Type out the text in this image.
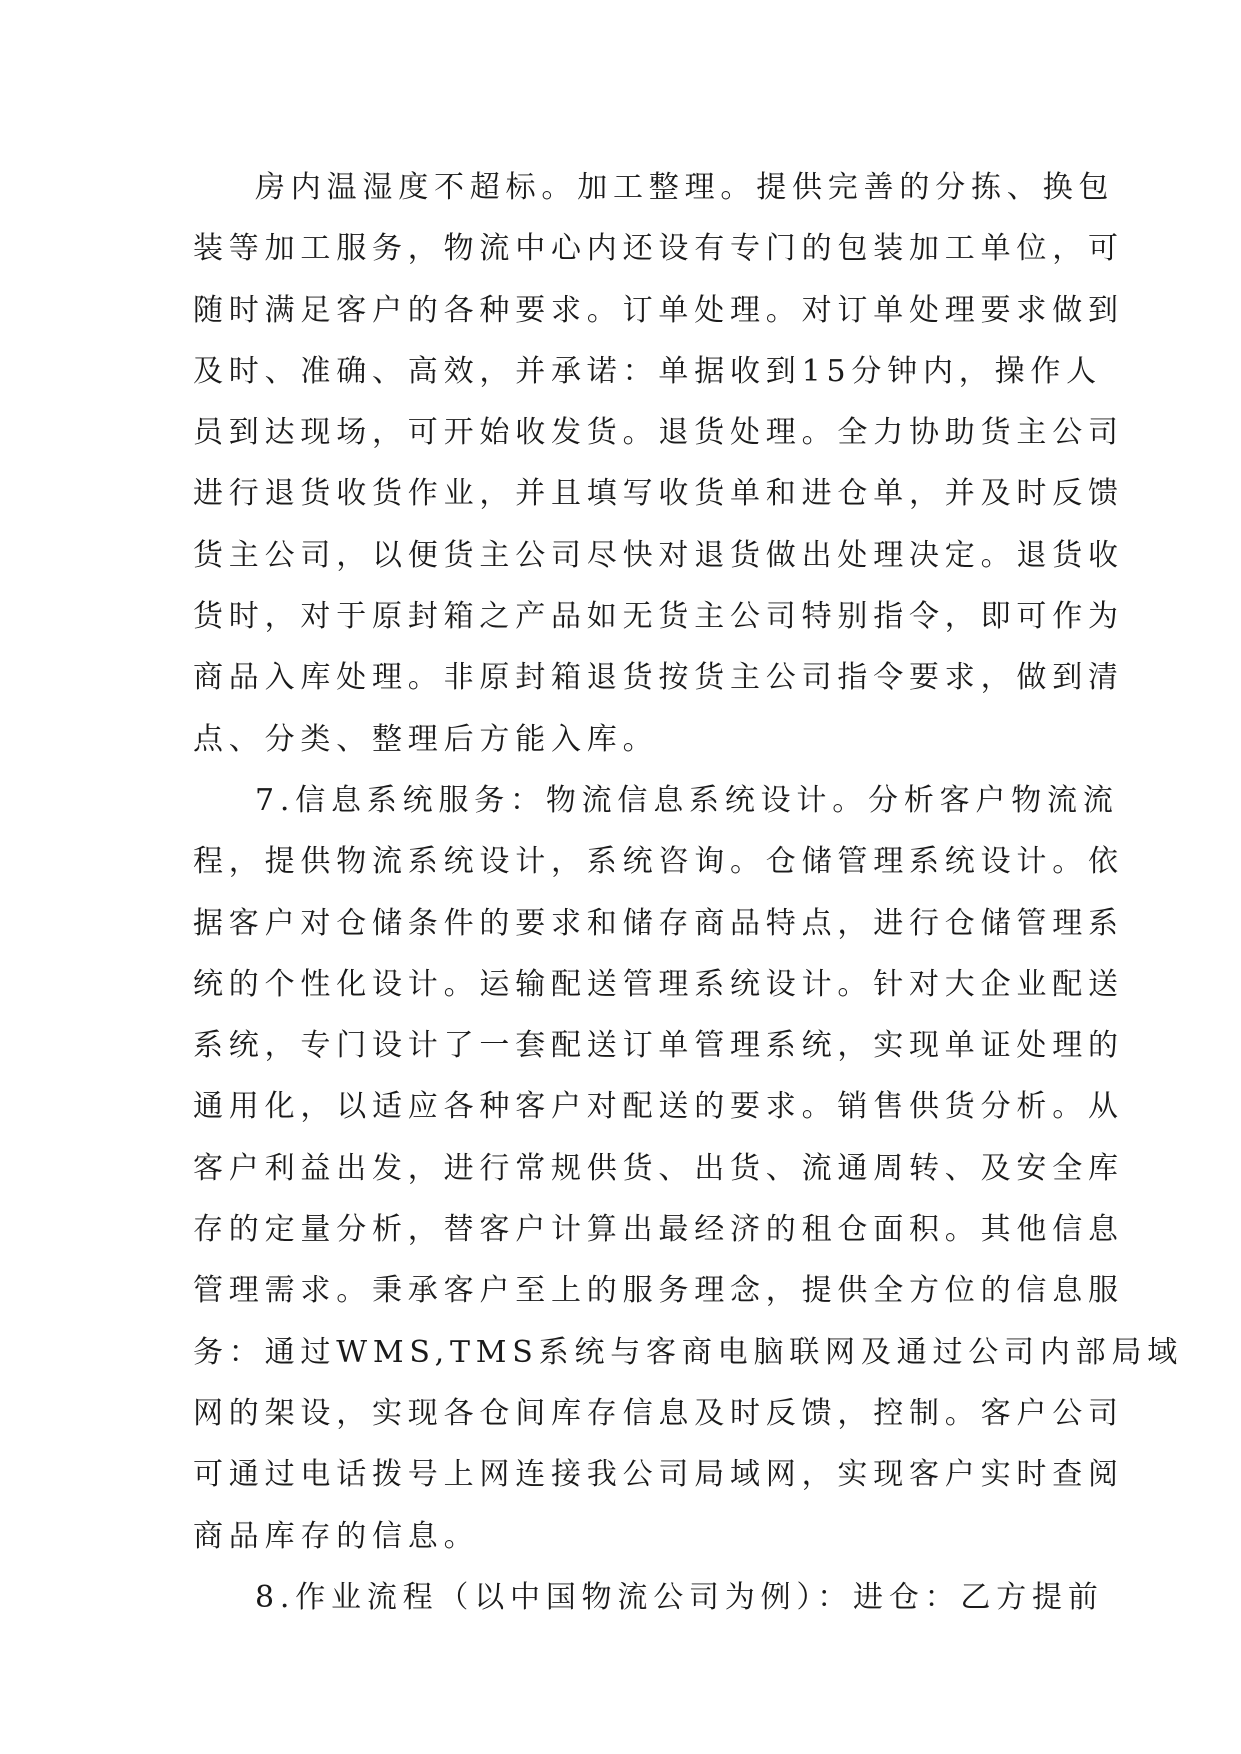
房内温湿度不超标。加工整理。提供完善的分拣、换包
装等加工服务，物流中心内还设有专门的包装加工单位，可
随时满足客户的各种要求。订单处理。对订单处理要求做到
及时、准确、高效，并承诺：单据收到15分钟内，操作人
员到达现场，可开始收发货。退货处理。全力协助货主公司
进行退货收货作业，并且填写收货单和进仓单，并及时反馈
货主公司，以便货主公司尽快对退货做出处理决定。退货收
货时，对于原封箱之产品如无货主公司特别指令，即可作为
商品入库处理。非原封箱退货按货主公司指令要求，做到清
点、分类、整理后方能入库。
7.信息系统服务：物流信息系统设计。分析客户物流流
程，提供物流系统设计，系统咨询。仓储管理系统设计。依
据客户对仓储条件的要求和储存商品特点，进行仓储管理系
统的个性化设计。运输配送管理系统设计。针对大企业配送
系统，专门设计了一套配送订单管理系统，实现单证处理的
通用化，以适应各种客户对配送的要求。销售供货分析。从
客户利益出发，进行常规供货、出货、流通周转、及安全库
存的定量分析，替客户计算出最经济的租仓面积。其他信息
管理需求。秉承客户至上的服务理念，提供全方位的信息服
务：通过WMS,TMS系统与客商电脑联网及通过公司内部局域
网的架设，实现各仓间库存信息及时反馈，控制。客户公司
可通过电话拨号上网连接我公司局域网，实现客户实时查阅
商品库存的信息。
8.作业流程（以中国物流公司为例）：进仓：乙方提前
